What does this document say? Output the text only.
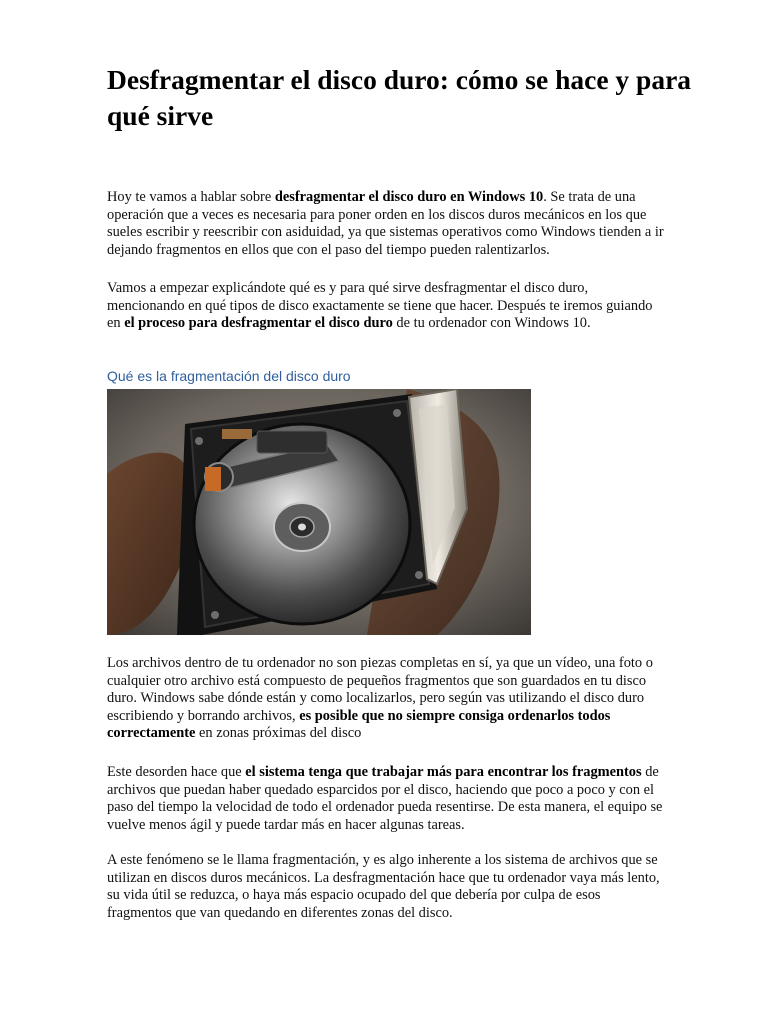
Desfragmentar el disco duro: cómo se hace y para qué sirve

Hoy te vamos a hablar sobre desfragmentar el disco duro en Windows 10. Se trata de una operación que a veces es necesaria para poner orden en los discos duros mecánicos en los que sueles escribir y reescribir con asiduidad, ya que sistemas operativos como Windows tienden a ir dejando fragmentos en ellos que con el paso del tiempo pueden ralentizarlos.

Vamos a empezar explicándote qué es y para qué sirve desfragmentar el disco duro, mencionando en qué tipos de disco exactamente se tiene que hacer. Después te iremos guiando en el proceso para desfragmentar el disco duro de tu ordenador con Windows 10.

Qué es la fragmentación del disco duro

Los archivos dentro de tu ordenador no son piezas completas en sí, ya que un vídeo, una foto o cualquier otro archivo está compuesto de pequeños fragmentos que son guardados en tu disco duro. Windows sabe dónde están y como localizarlos, pero según vas utilizando el disco duro escribiendo y borrando archivos, es posible que no siempre consiga ordenarlos todos correctamente en zonas próximas del disco

Este desorden hace que el sistema tenga que trabajar más para encontrar los fragmentos de archivos que puedan haber quedado esparcidos por el disco, haciendo que poco a poco y con el paso del tiempo la velocidad de todo el ordenador pueda resentirse. De esta manera, el equipo se vuelve menos ágil y puede tardar más en hacer algunas tareas.

A este fenómeno se le llama fragmentación, y es algo inherente a los sistema de archivos que se utilizan en discos duros mecánicos. La desfragmentación hace que tu ordenador vaya más lento, su vida útil se reduzca, o haya más espacio ocupado del que debería por culpa de esos fragmentos que van quedando en diferentes zonas del disco.
